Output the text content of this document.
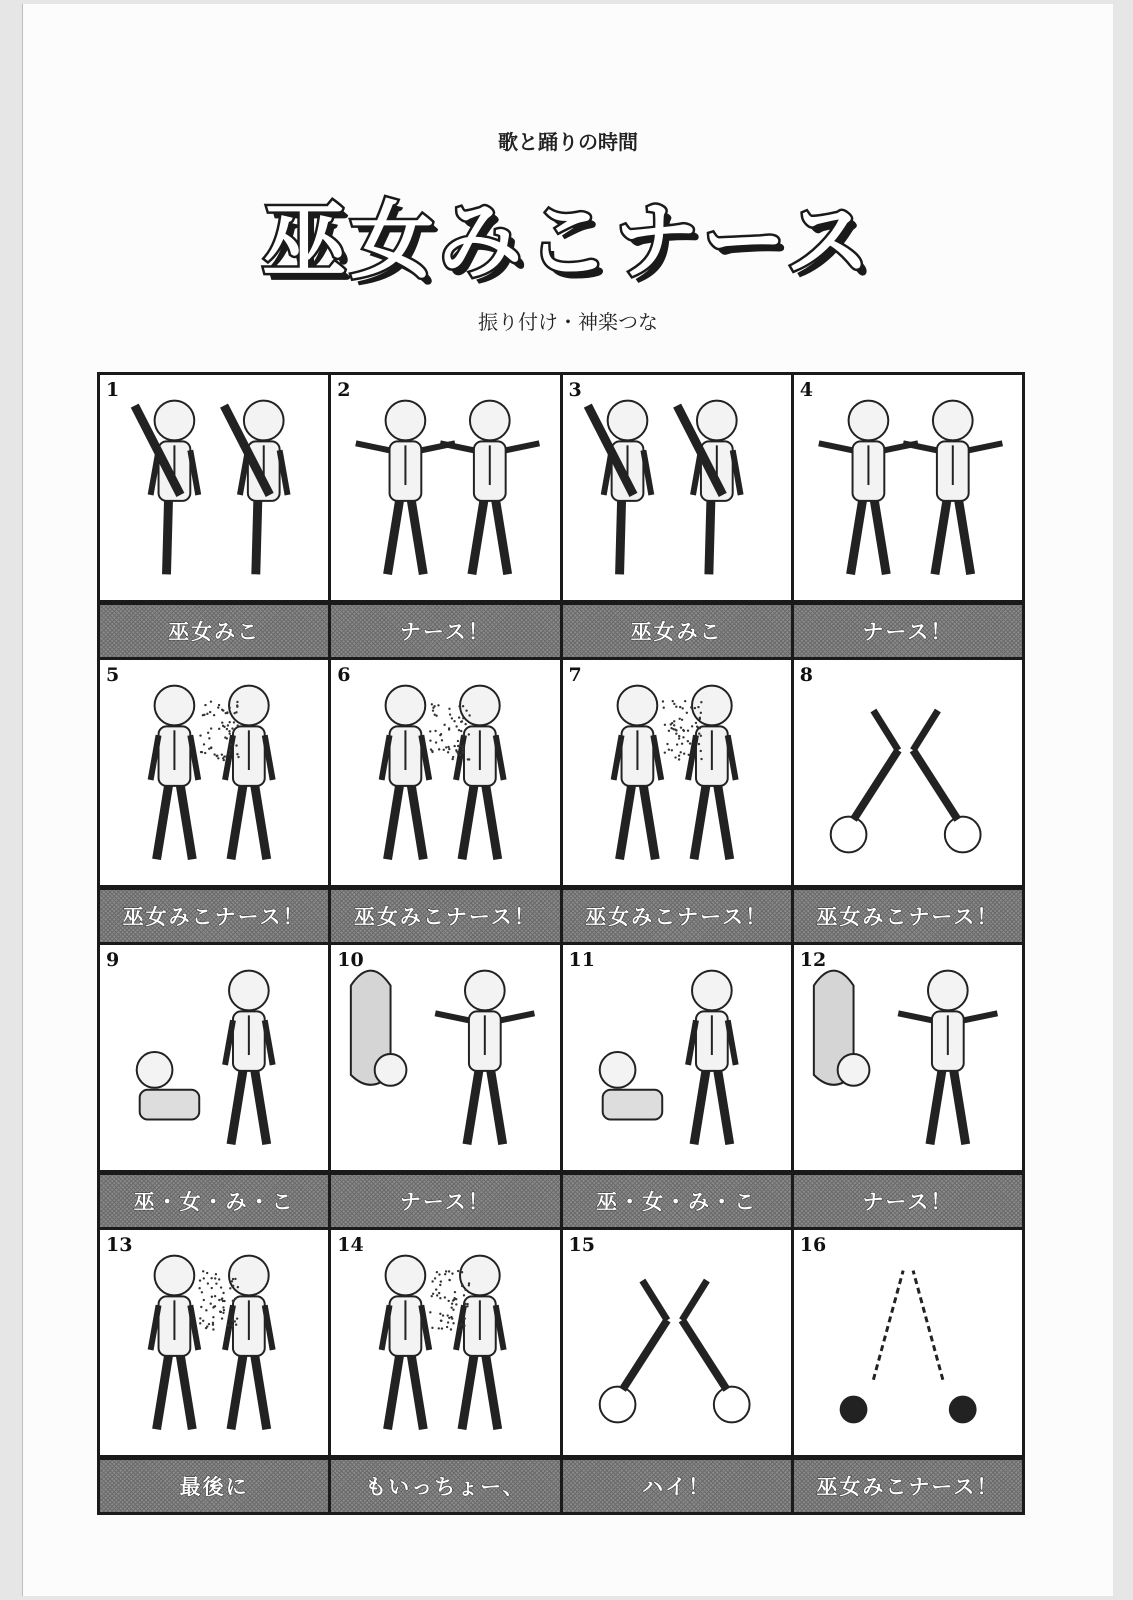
歌と踊りの時間
巫女みこナース
振り付け・神楽つな
1
巫女みこ
2
ナース！
3
巫女みこ
4
ナース！
5
巫女みこナース！
6
巫女みこナース！
7
巫女みこナース！
8
巫女みこナース！
9
巫・女・み・こ
10
ナース！
11
巫・女・み・こ
12
ナース！
13
最後に
14
もいっちょー、
15
ハイ！
16
巫女みこナース！
